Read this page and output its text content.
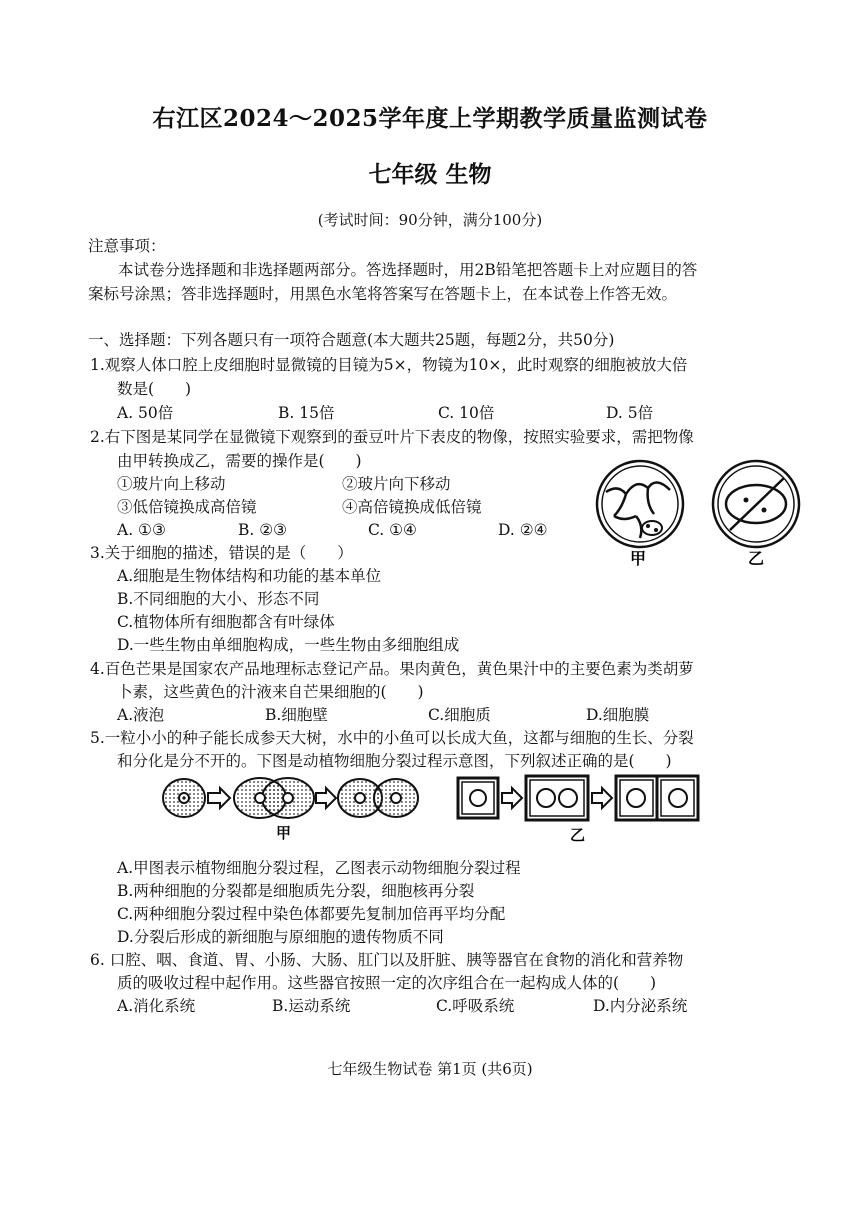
右江区2024～2025学年度上学期教学质量监测试卷
七年级 生物
(考试时间：90分钟，满分100分)
注意事项：
本试卷分选择题和非选择题两部分。答选择题时，用2B铅笔把答题卡上对应题目的答
案标号涂黑；答非选择题时，用黑色水笔将答案写在答题卡上，在本试卷上作答无效。
一、选择题：下列各题只有一项符合题意(本大题共25题，每题2分，共50分)
1.观察人体口腔上皮细胞时显微镜的目镜为5×，物镜为10×，此时观察的细胞被放大倍
数是(　　)
A. 50倍	B. 15倍	C. 10倍	D. 5倍
2.右下图是某同学在显微镜下观察到的蚕豆叶片下表皮的物像，按照实验要求，需把物像
由甲转换成乙，需要的操作是(　　)
①玻片向上移动	②玻片向下移动
③低倍镜换成高倍镜	④高倍镜换成低倍镜
A. ①③	B. ②③	C. ①④	D. ②④
甲	乙
3.关于细胞的描述，错误的是（　　）
A.细胞是生物体结构和功能的基本单位
B.不同细胞的大小、形态不同
C.植物体所有细胞都含有叶绿体
D.一些生物由单细胞构成，一些生物由多细胞组成
4.百色芒果是国家农产品地理标志登记产品。果肉黄色，黄色果汁中的主要色素为类胡萝
卜素，这些黄色的汁液来自芒果细胞的(　　)
A.液泡	B.细胞壁	C.细胞质	D.细胞膜
5.一粒小小的种子能长成参天大树，水中的小鱼可以长成大鱼，这都与细胞的生长、分裂
和分化是分不开的。下图是动植物细胞分裂过程示意图，下列叙述正确的是(　　)
甲	乙
A.甲图表示植物细胞分裂过程，乙图表示动物细胞分裂过程
B.两种细胞的分裂都是细胞质先分裂，细胞核再分裂
C.两种细胞分裂过程中染色体都要先复制加倍再平均分配
D.分裂后形成的新细胞与原细胞的遗传物质不同
6. 口腔、咽、食道、胃、小肠、大肠、肛门以及肝脏、胰等器官在食物的消化和营养物
质的吸收过程中起作用。这些器官按照一定的次序组合在一起构成人体的(　　)
A.消化系统	B.运动系统	C.呼吸系统	D.内分泌系统
七年级生物试卷 第1页 (共6页)
